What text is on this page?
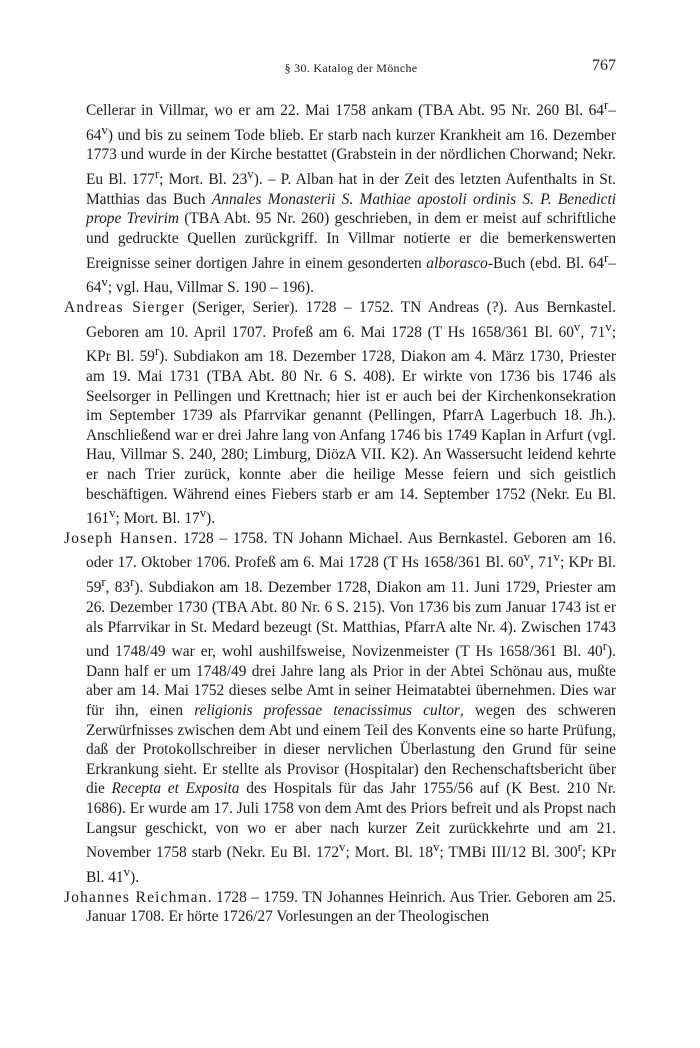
§ 30. Katalog der Mönche	767

Cellerar in Villmar, wo er am 22. Mai 1758 ankam (TBA Abt. 95 Nr. 260 Bl. 64$^r$– 64$^v$) und bis zu seinem Tode blieb. Er starb nach kurzer Krankheit am 16. Dezember 1773 und wurde in der Kirche bestattet (Grabstein in der nördlichen Chorwand; Nekr. Eu Bl. 177$^r$; Mort. Bl. 23$^v$). – P. Alban hat in der Zeit des letzten Aufenthalts in St. Matthias das Buch Annales Monasterii S. Mathiae apostoli ordinis S. P. Benedicti prope Trevirim (TBA Abt. 95 Nr. 260) geschrieben, in dem er meist auf schriftliche und gedruckte Quellen zurückgriff. In Villmar notierte er die bemerkenswerten Ereignisse seiner dortigen Jahre in einem gesonderten alborasco-Buch (ebd. Bl. 64$^r$– 64$^v$; vgl. Hau, Villmar S. 190 – 196).

Andreas Sierger (Seriger, Serier). 1728 – 1752. TN Andreas (?). Aus Bernkastel. Geboren am 10. April 1707. Profeß am 6. Mai 1728 (T Hs 1658/361 Bl. 60$^v$, 71$^v$; KPr Bl. 59$^r$). Subdiakon am 18. Dezember 1728, Diakon am 4. März 1730, Priester am 19. Mai 1731 (TBA Abt. 80 Nr. 6 S. 408). Er wirkte von 1736 bis 1746 als Seelsorger in Pellingen und Krettnach; hier ist er auch bei der Kirchenkonsekration im September 1739 als Pfarrvikar genannt (Pellingen, PfarrA Lagerbuch 18. Jh.). Anschließend war er drei Jahre lang von Anfang 1746 bis 1749 Kaplan in Arfurt (vgl. Hau, Villmar S. 240, 280; Limburg, DiözA VII. K2). An Wassersucht leidend kehrte er nach Trier zurück, konnte aber die heilige Messe feiern und sich geistlich beschäftigen. Während eines Fiebers starb er am 14. September 1752 (Nekr. Eu Bl. 161$^v$; Mort. Bl. 17$^v$).

Joseph Hansen. 1728 – 1758. TN Johann Michael. Aus Bernkastel. Geboren am 16. oder 17. Oktober 1706. Profeß am 6. Mai 1728 (T Hs 1658/361 Bl. 60$^v$, 71$^v$; KPr Bl. 59$^r$, 83$^r$). Subdiakon am 18. Dezember 1728, Diakon am 11. Juni 1729, Priester am 26. Dezember 1730 (TBA Abt. 80 Nr. 6 S. 215). Von 1736 bis zum Januar 1743 ist er als Pfarrvikar in St. Medard bezeugt (St. Matthias, PfarrA alte Nr. 4). Zwischen 1743 und 1748/49 war er, wohl aushilfsweise, Novizenmeister (T Hs 1658/361 Bl. 40$^r$). Dann half er um 1748/49 drei Jahre lang als Prior in der Abtei Schönau aus, mußte aber am 14. Mai 1752 dieses selbe Amt in seiner Heimatabtei übernehmen. Dies war für ihn, einen religionis professae tenacissimus cultor, wegen des schweren Zerwürfnisses zwischen dem Abt und einem Teil des Konvents eine so harte Prüfung, daß der Protokollschreiber in dieser nervlichen Überlastung den Grund für seine Erkrankung sieht. Er stellte als Provisor (Hospitalar) den Rechenschaftsbericht über die Recepta et Exposita des Hospitals für das Jahr 1755/56 auf (K Best. 210 Nr. 1686). Er wurde am 17. Juli 1758 von dem Amt des Priors befreit und als Propst nach Langsur geschickt, von wo er aber nach kurzer Zeit zurückkehrte und am 21. November 1758 starb (Nekr. Eu Bl. 172$^v$; Mort. Bl. 18$^v$; TMBi III/12 Bl. 300$^r$; KPr Bl. 41$^v$).

Johannes Reichman. 1728 – 1759. TN Johannes Heinrich. Aus Trier. Geboren am 25. Januar 1708. Er hörte 1726/27 Vorlesungen an der Theologischen
